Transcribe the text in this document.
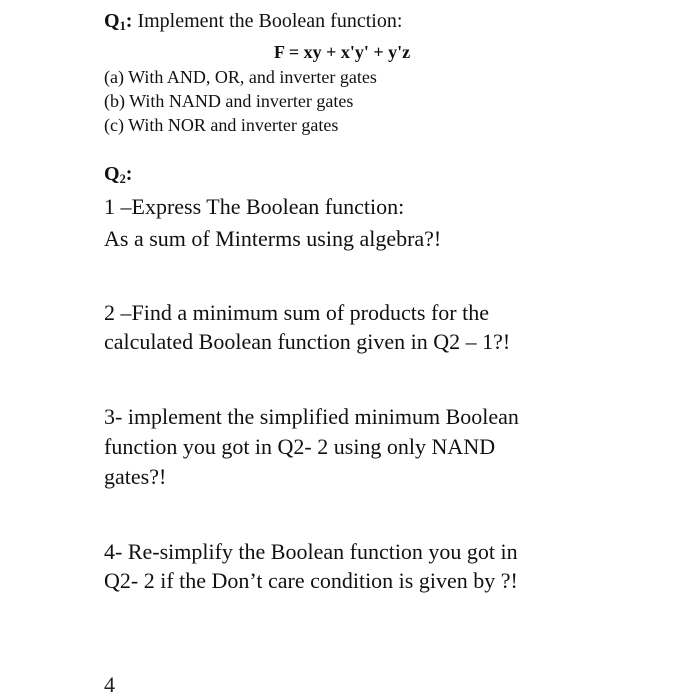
Q1: Implement the Boolean function:

F = xy + x'y' + y'z

(a) With AND, OR, and inverter gates

(b) With NAND and inverter gates

(c) With NOR and inverter gates

Q2:

1 –Express The Boolean function:

As a sum of Minterms using algebra?!

2 –Find a minimum sum of products for the

calculated Boolean function given in Q2 – 1?!

3- implement the simplified minimum Boolean

function you got in Q2- 2 using only NAND

gates?!

4- Re-simplify the Boolean function you got in

Q2- 2 if the Don’t care condition is given by ?!

4
